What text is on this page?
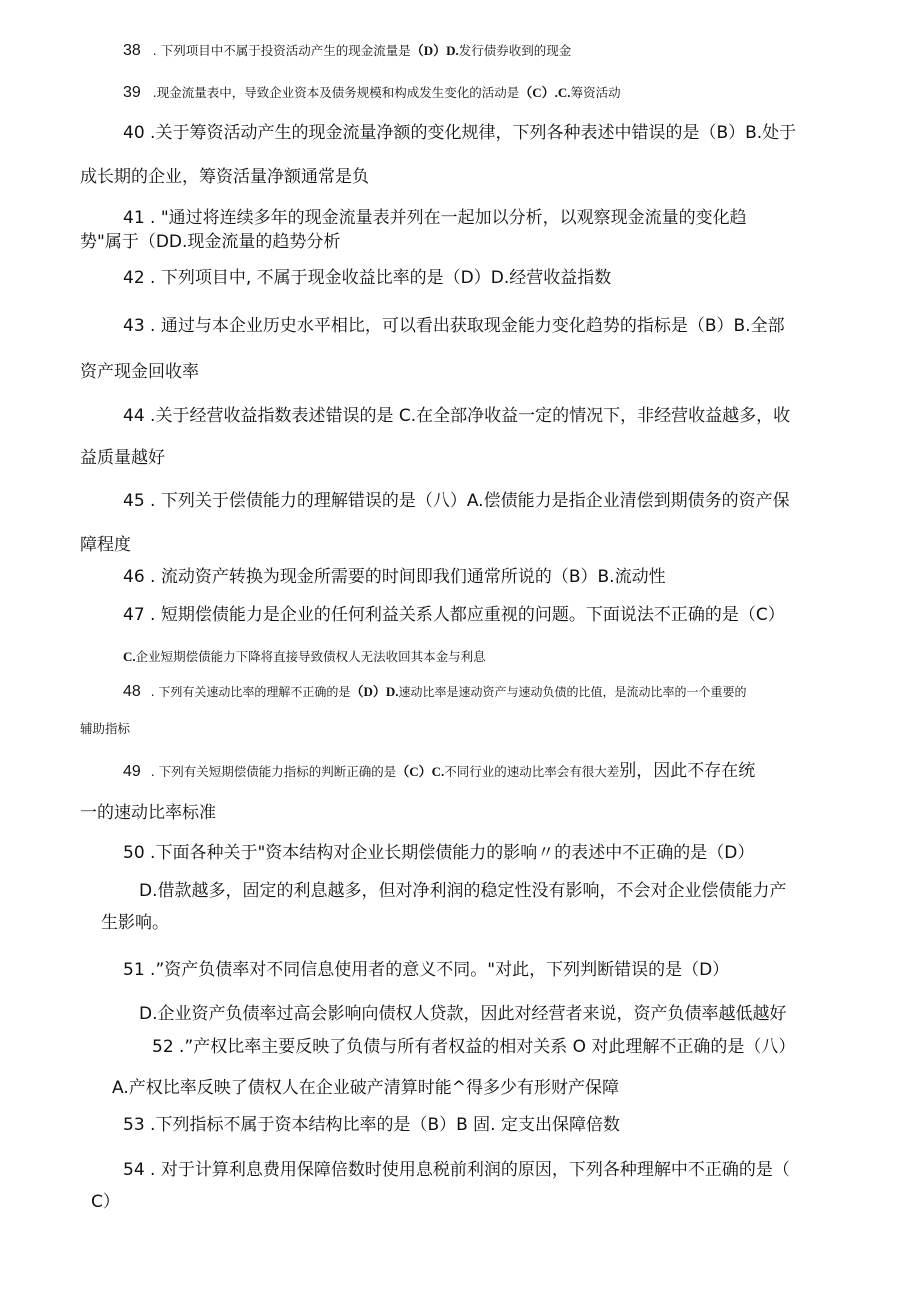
38 . 下列项目中不属于投资活动产生的现金流量是（D）D.发行债券收到的现金
39 .现金流量表中，导致企业资本及债务规模和构成发生变化的活动是（C）.C.筹资活动
40 .关于筹资活动产生的现金流量净额的变化规律，下列各种表述中错误的是（B）B.处于
成长期的企业，筹资活量净额通常是负
41 . "通过将连续多年的现金流量表并列在一起加以分析，以观察现金流量的变化趋
势"属于（DD.现金流量的趋势分析
42 . 下列项目中, 不属于现金收益比率的是（D）D.经营收益指数
43 . 通过与本企业历史水平相比，可以看出获取现金能力变化趋势的指标是（B）B.全部
资产现金回收率
44 .关于经营收益指数表述错误的是 C.在全部净收益一定的情况下，非经营收益越多，收
益质量越好
45 . 下列关于偿债能力的理解错误的是（八）A.偿债能力是指企业清偿到期债务的资产保
障程度
46 . 流动资产转换为现金所需要的时间即我们通常所说的（B）B.流动性
47 . 短期偿债能力是企业的任何利益关系人都应重视的问题。下面说法不正确的是（C）
C.企业短期偿债能力下降将直接导致债权人无法收回其本金与利息
48 . 下列有关速动比率的理解不正确的是（D）D.速动比率是速动资产与速动负债的比值，是流动比率的一个重要的
辅助指标
49 . 下列有关短期偿债能力指标的判断正确的是（C）C.不同行业的速动比率会有很大差别，因此不存在统
一的速动比率标准
50 .下面各种关于"资本结构对企业长期偿债能力的影响〃的表述中不正确的是（D）
D.借款越多，固定的利息越多，但对净利润的稳定性没有影响，不会对企业偿债能力产
生影响。
51 .”资产负债率对不同信息使用者的意义不同。"对此，下列判断错误的是（D）
D.企业资产负债率过高会影响向债权人贷款，因此对经营者来说，资产负债率越低越好
52 .”产权比率主要反映了负债与所有者权益的相对关系 O 对此理解不正确的是（八）
A.产权比率反映了债权人在企业破产清算时能^得多少有形财产保障
53 .下列指标不属于资本结构比率的是（B）B 固. 定支出保障倍数
54 . 对于计算利息费用保障倍数时使用息税前利润的原因，下列各种理解中不正确的是（
C）
